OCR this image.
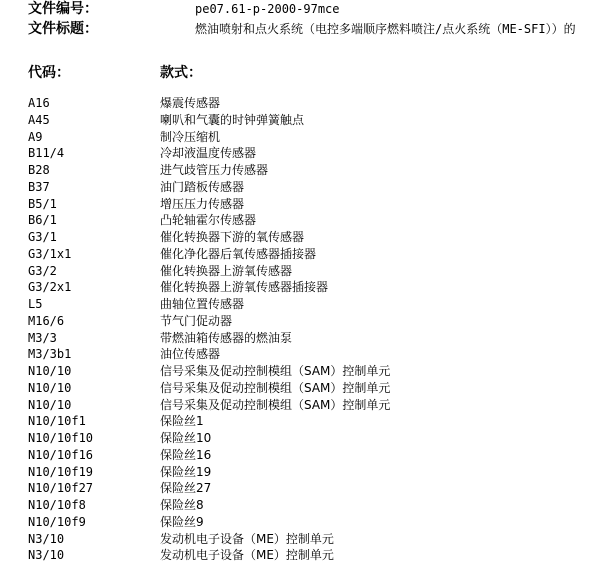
文件编号：	pe07.61-p-2000-97mce
文件标题：	燃油喷射和点火系统（电控多端顺序燃料喷注/点火系统（ME-SFI））的
代码：	款式：
A16	爆震传感器
A45	喇叭和气囊的时钟弹簧触点
A9	制冷压缩机
B11/4	冷却液温度传感器
B28	进气歧管压力传感器
B37	油门踏板传感器
B5/1	增压压力传感器
B6/1	凸轮轴霍尔传感器
G3/1	催化转换器下游的氧传感器
G3/1x1	催化净化器后氧传感器插接器
G3/2	催化转换器上游氧传感器
G3/2x1	催化转换器上游氧传感器插接器
L5	曲轴位置传感器
M16/6	节气门促动器
M3/3	带燃油箱传感器的燃油泵
M3/3b1	油位传感器
N10/10	信号采集及促动控制模组（SAM）控制单元
N10/10	信号采集及促动控制模组（SAM）控制单元
N10/10	信号采集及促动控制模组（SAM）控制单元
N10/10f1	保险丝1
N10/10f10	保险丝10
N10/10f16	保险丝16
N10/10f19	保险丝19
N10/10f27	保险丝27
N10/10f8	保险丝8
N10/10f9	保险丝9
N3/10	发动机电子设备（ME）控制单元
N3/10	发动机电子设备（ME）控制单元
